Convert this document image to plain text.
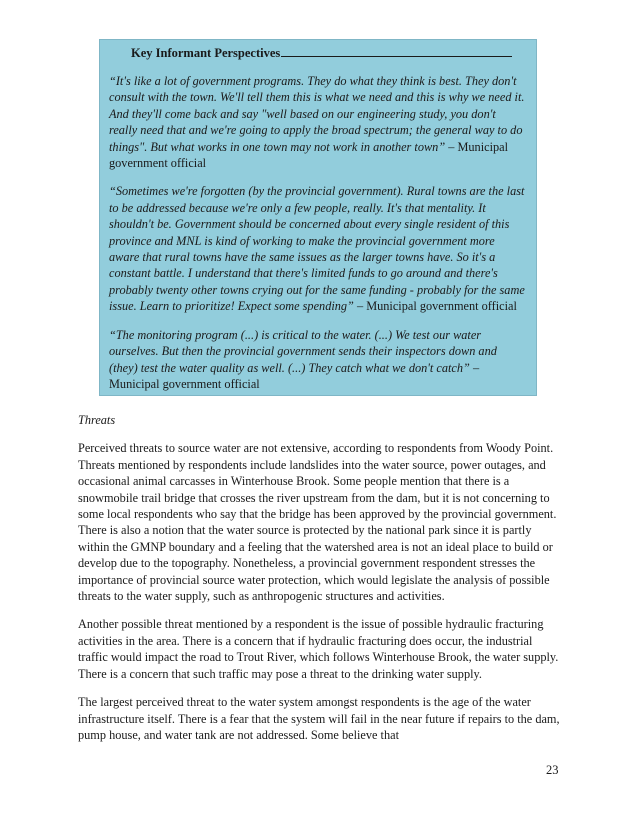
Key Informant Perspectives

“It's like a lot of government programs. They do what they think is best. They don't consult with the town. We'll tell them this is what we need and this is why we need it. And they'll come back and say "well based on our engineering study, you don't really need that and we're going to apply the broad spectrum; the general way to do things". But what works in one town may not work in another town” – Municipal government official

“Sometimes we're forgotten (by the provincial government). Rural towns are the last to be addressed because we're only a few people, really. It's that mentality. It shouldn't be. Government should be concerned about every single resident of this province and MNL is kind of working to make the provincial government more aware that rural towns have the same issues as the larger towns have. So it's a constant battle. I understand that there's limited funds to go around and there's probably twenty other towns crying out for the same funding - probably for the same issue. Learn to prioritize! Expect some spending” – Municipal government official

“The monitoring program (...) is critical to the water. (...) We test our water ourselves. But then the provincial government sends their inspectors down and (they) test the water quality as well. (...) They catch what we don't catch” – Municipal government official

Threats

Perceived threats to source water are not extensive, according to respondents from Woody Point. Threats mentioned by respondents include landslides into the water source, power outages, and occasional animal carcasses in Winterhouse Brook. Some people mention that there is a snowmobile trail bridge that crosses the river upstream from the dam, but it is not concerning to some local respondents who say that the bridge has been approved by the provincial government. There is also a notion that the water source is protected by the national park since it is partly within the GMNP boundary and a feeling that the watershed area is not an ideal place to build or develop due to the topography. Nonetheless, a provincial government respondent stresses the importance of provincial source water protection, which would legislate the analysis of possible threats to the water supply, such as anthropogenic structures and activities.

Another possible threat mentioned by a respondent is the issue of possible hydraulic fracturing activities in the area. There is a concern that if hydraulic fracturing does occur, the industrial traffic would impact the road to Trout River, which follows Winterhouse Brook, the water supply. There is a concern that such traffic may pose a threat to the drinking water supply.

The largest perceived threat to the water system amongst respondents is the age of the water infrastructure itself. There is a fear that the system will fail in the near future if repairs to the dam, pump house, and water tank are not addressed. Some believe that

23
